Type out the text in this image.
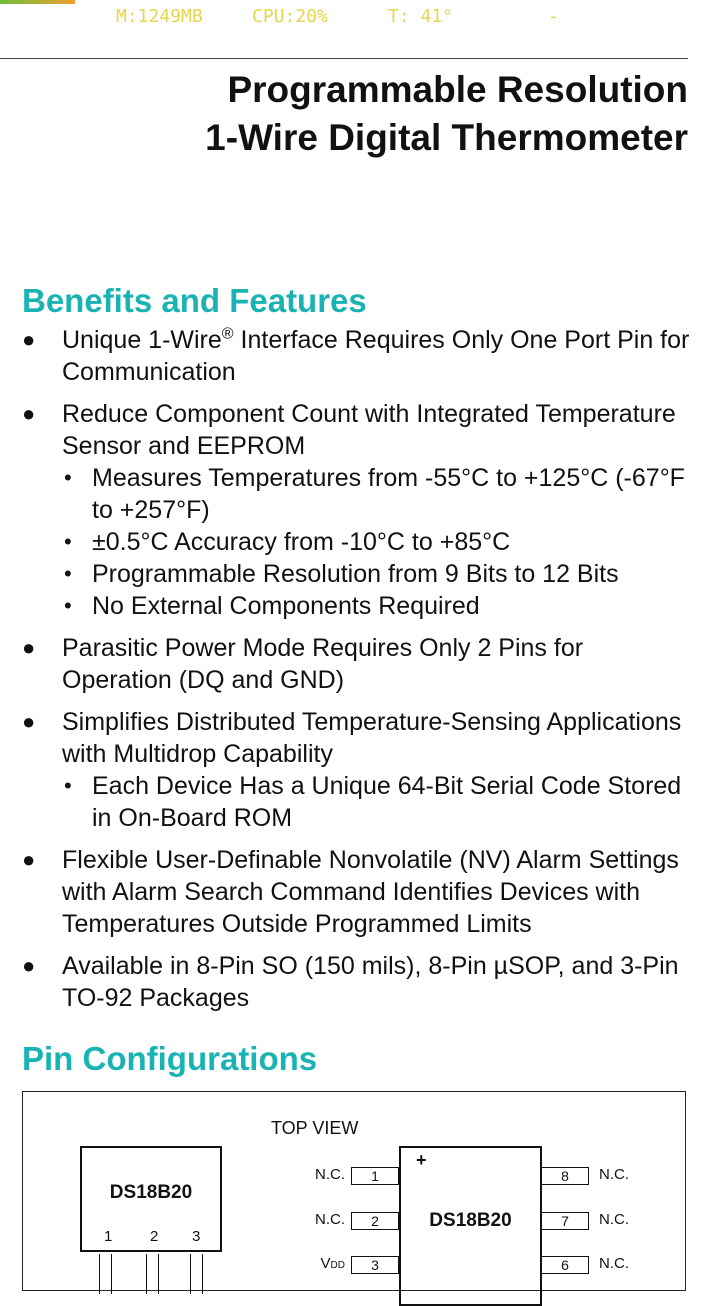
M:1249MB	CPU:20%	T: 41°	-
Programmable Resolution
1-Wire Digital Thermometer
Benefits and Features
● Unique 1-Wire® Interface Requires Only One Port Pin for Communication
● Reduce Component Count with Integrated Temperature Sensor and EEPROM
• Measures Temperatures from -55°C to +125°C (-67°F to +257°F)
• ±0.5°C Accuracy from -10°C to +85°C
• Programmable Resolution from 9 Bits to 12 Bits
• No External Components Required
● Parasitic Power Mode Requires Only 2 Pins for Operation (DQ and GND)
● Simplifies Distributed Temperature-Sensing Applications with Multidrop Capability
• Each Device Has a Unique 64-Bit Serial Code Stored in On-Board ROM
● Flexible User-Definable Nonvolatile (NV) Alarm Settings with Alarm Search Command Identifies Devices with Temperatures Outside Programmed Limits
● Available in 8-Pin SO (150 mils), 8-Pin µSOP, and 3-Pin TO-92 Packages
Pin Configurations
TOP VIEW
DS18B20
1	2 3
+
DS18B20
N.C.	1
N.C.	2
VDD	3
8	N.C.
7	N.C.
6	N.C.
